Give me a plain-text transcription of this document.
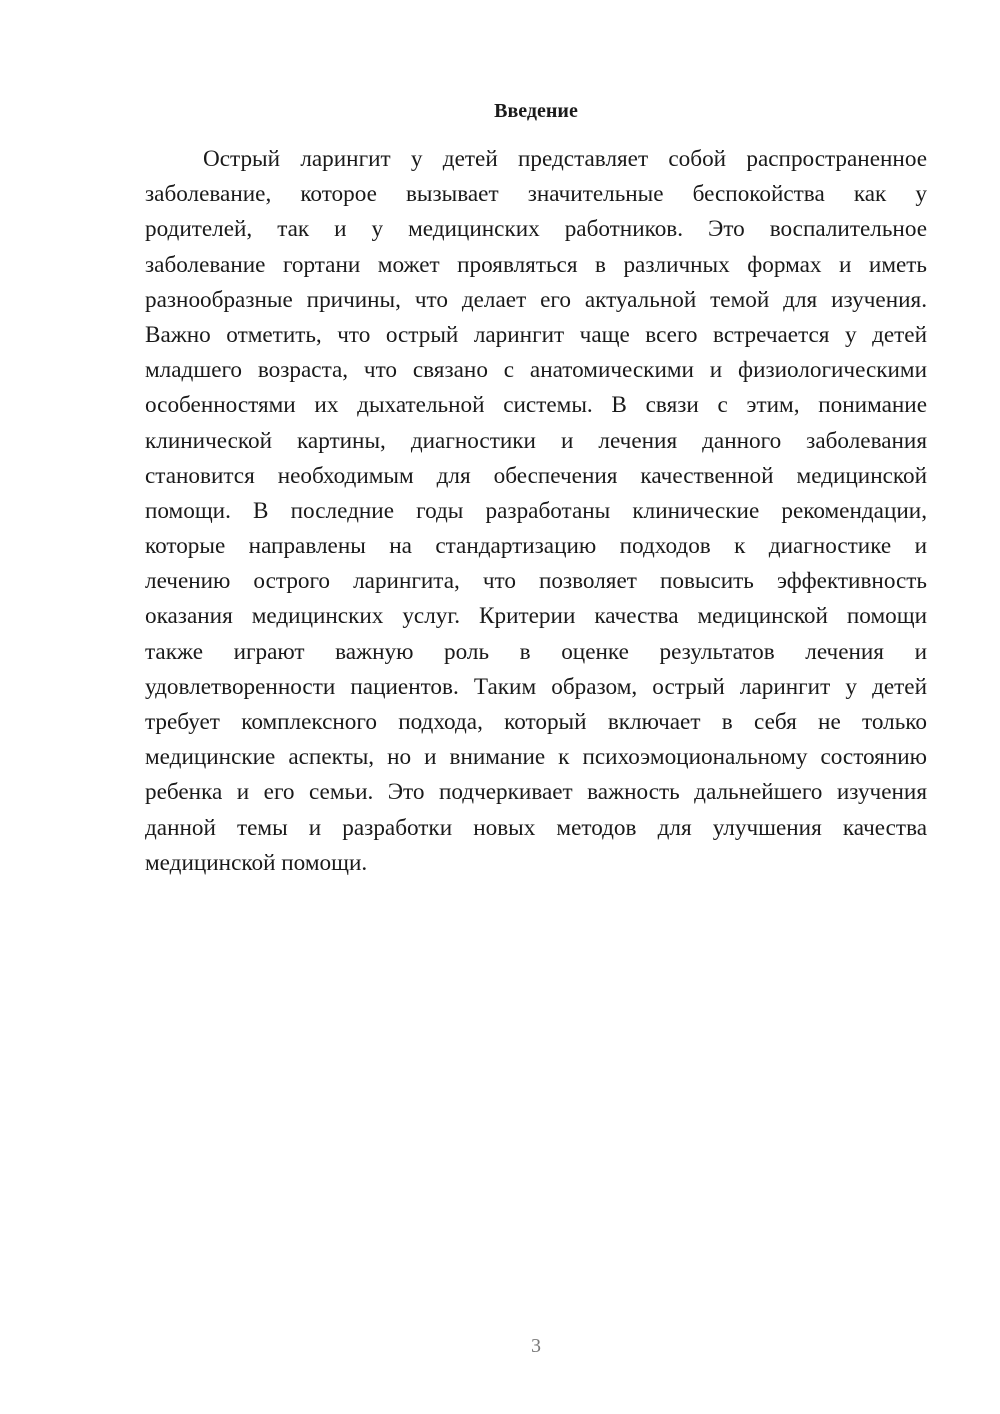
Введение
Острый ларингит у детей представляет собой распространенное
заболевание, которое вызывает значительные беспокойства как у
родителей, так и у медицинских работников. Это воспалительное
заболевание гортани может проявляться в различных формах и иметь
разнообразные причины, что делает его актуальной темой для изучения.
Важно отметить, что острый ларингит чаще всего встречается у детей
младшего возраста, что связано с анатомическими и физиологическими
особенностями их дыхательной системы. В связи с этим, понимание
клинической картины, диагностики и лечения данного заболевания
становится необходимым для обеспечения качественной медицинской
помощи. В последние годы разработаны клинические рекомендации,
которые направлены на стандартизацию подходов к диагностике и
лечению острого ларингита, что позволяет повысить эффективность
оказания медицинских услуг. Критерии качества медицинской помощи
также играют важную роль в оценке результатов лечения и
удовлетворенности пациентов. Таким образом, острый ларингит у детей
требует комплексного подхода, который включает в себя не только
медицинские аспекты, но и внимание к психоэмоциональному состоянию
ребенка и его семьи. Это подчеркивает важность дальнейшего изучения
данной темы и разработки новых методов для улучшения качества
медицинской помощи.
3
